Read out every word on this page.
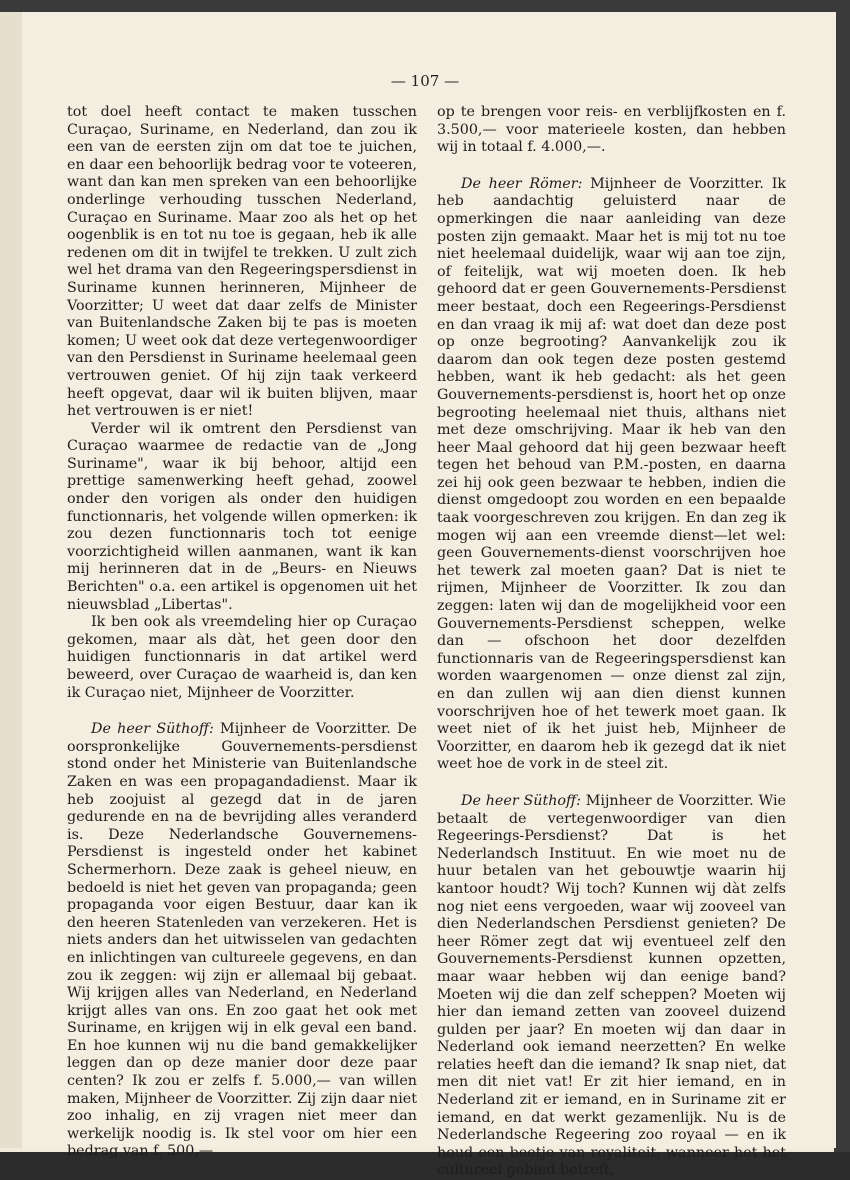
— 107 —

tot doel heeft contact te maken tusschen Curaçao, Suriname, en Nederland, dan zou ik een van de eersten zijn om dat toe te juichen, en daar een behoorlijk bedrag voor te voteeren, want dan kan men spreken van een behoorlijke onderlinge verhouding tusschen Nederland, Curaçao en Suriname. Maar zoo als het op het oogenblik is en tot nu toe is gegaan, heb ik alle redenen om dit in twijfel te trekken. U zult zich wel het drama van den Regeeringspersdienst in Suriname kunnen herinneren, Mijnheer de Voorzitter; U weet dat daar zelfs de Minister van Buitenlandsche Zaken bij te pas is moeten komen; U weet ook dat deze vertegenwoordiger van den Persdienst in Suriname heelemaal geen vertrouwen geniet. Of hij zijn taak verkeerd heeft opgevat, daar wil ik buiten blijven, maar het vertrouwen is er niet!

Verder wil ik omtrent den Persdienst van Curaçao waarmee de redactie van de „Jong Suriname", waar ik bij behoor, altijd een prettige samenwerking heeft gehad, zoowel onder den vorigen als onder den huidigen functionnaris, het volgende willen opmerken: ik zou dezen functionnaris toch tot eenige voorzichtigheid willen aanmanen, want ik kan mij herinneren dat in de „Beurs- en Nieuws Berichten" o.a. een artikel is opgenomen uit het nieuwsblad „Libertas".

Ik ben ook als vreemdeling hier op Curaçao gekomen, maar als dàt, het geen door den huidigen functionnaris in dat artikel werd beweerd, over Curaçao de waarheid is, dan ken ik Curaçao niet, Mijnheer de Voorzitter.

De heer Süthoff: Mijnheer de Voorzitter. De oorspronkelijke Gouvernements-persdienst stond onder het Ministerie van Buitenlandsche Zaken en was een propagandadienst. Maar ik heb zoojuist al gezegd dat in de jaren gedurende en na de bevrijding alles veranderd is. Deze Nederlandsche Gouvernemens-Persdienst is ingesteld onder het kabinet Schermerhorn. Deze zaak is geheel nieuw, en bedoeld is niet het geven van propaganda; geen propaganda voor eigen Bestuur, daar kan ik den heeren Statenleden van verzekeren. Het is niets anders dan het uitwisselen van gedachten en inlichtingen van cultureele gegevens, en dan zou ik zeggen: wij zijn er allemaal bij gebaat. Wij krijgen alles van Nederland, en Nederland krijgt alles van ons. En zoo gaat het ook met Suriname, en krijgen wij in elk geval een band. En hoe kunnen wij nu die band gemakkelijker leggen dan op deze manier door deze paar centen? Ik zou er zelfs f. 5.000,— van willen maken, Mijnheer de Voorzitter. Zij zijn daar niet zoo inhalig, en zij vragen niet meer dan werkelijk noodig is. Ik stel voor om hier een bedrag van f. 500,—

op te brengen voor reis- en verblijfkosten en f. 3.500,— voor materieele kosten, dan hebben wij in totaal f. 4.000,—.

De heer Römer: Mijnheer de Voorzitter. Ik heb aandachtig geluisterd naar de opmerkingen die naar aanleiding van deze posten zijn gemaakt. Maar het is mij tot nu toe niet heelemaal duidelijk, waar wij aan toe zijn, of feitelijk, wat wij moeten doen. Ik heb gehoord dat er geen Gouvernements-Persdienst meer bestaat, doch een Regeerings-Persdienst en dan vraag ik mij af: wat doet dan deze post op onze begrooting? Aanvankelijk zou ik daarom dan ook tegen deze posten gestemd hebben, want ik heb gedacht: als het geen Gouvernements-persdienst is, hoort het op onze begrooting heelemaal niet thuis, althans niet met deze omschrijving. Maar ik heb van den heer Maal gehoord dat hij geen bezwaar heeft tegen het behoud van P.M.-posten, en daarna zei hij ook geen bezwaar te hebben, indien die dienst omgedoopt zou worden en een bepaalde taak voorgeschreven zou krijgen. En dan zeg ik mogen wij aan een vreemde dienst—let wel: geen Gouvernements-dienst voorschrijven hoe het tewerk zal moeten gaan? Dat is niet te rijmen, Mijnheer de Voorzitter. Ik zou dan zeggen: laten wij dan de mogelijkheid voor een Gouvernements-Persdienst scheppen, welke dan — ofschoon het door dezelfden functionnaris van de Regeeringspersdienst kan worden waargenomen — onze dienst zal zijn, en dan zullen wij aan dien dienst kunnen voorschrijven hoe of het tewerk moet gaan. Ik weet niet of ik het juist heb, Mijnheer de Voorzitter, en daarom heb ik gezegd dat ik niet weet hoe de vork in de steel zit.

De heer Süthoff: Mijnheer de Voorzitter. Wie betaalt de vertegenwoordiger van dien Regeerings-Persdienst? Dat is het Nederlandsch Instituut. En wie moet nu de huur betalen van het gebouwtje waarin hij kantoor houdt? Wij toch? Kunnen wij dàt zelfs nog niet eens vergoeden, waar wij zooveel van dien Nederlandschen Persdienst genieten? De heer Römer zegt dat wij eventueel zelf den Gouvernements-Persdienst kunnen opzetten, maar waar hebben wij dan eenige band? Moeten wij die dan zelf scheppen? Moeten wij hier dan iemand zetten van zooveel duizend gulden per jaar? En moeten wij dan daar in Nederland ook iemand neerzetten? En welke relaties heeft dan die iemand? Ik snap niet, dat men dit niet vat! Er zit hier iemand, en in Nederland zit er iemand, en in Suriname zit er iemand, en dat werkt gezamenlijk. Nu is de Nederlandsche Regeering zoo royaal — en ik houd een beetje van royaliteit, wanneer het het cultureel gebied betreft,
